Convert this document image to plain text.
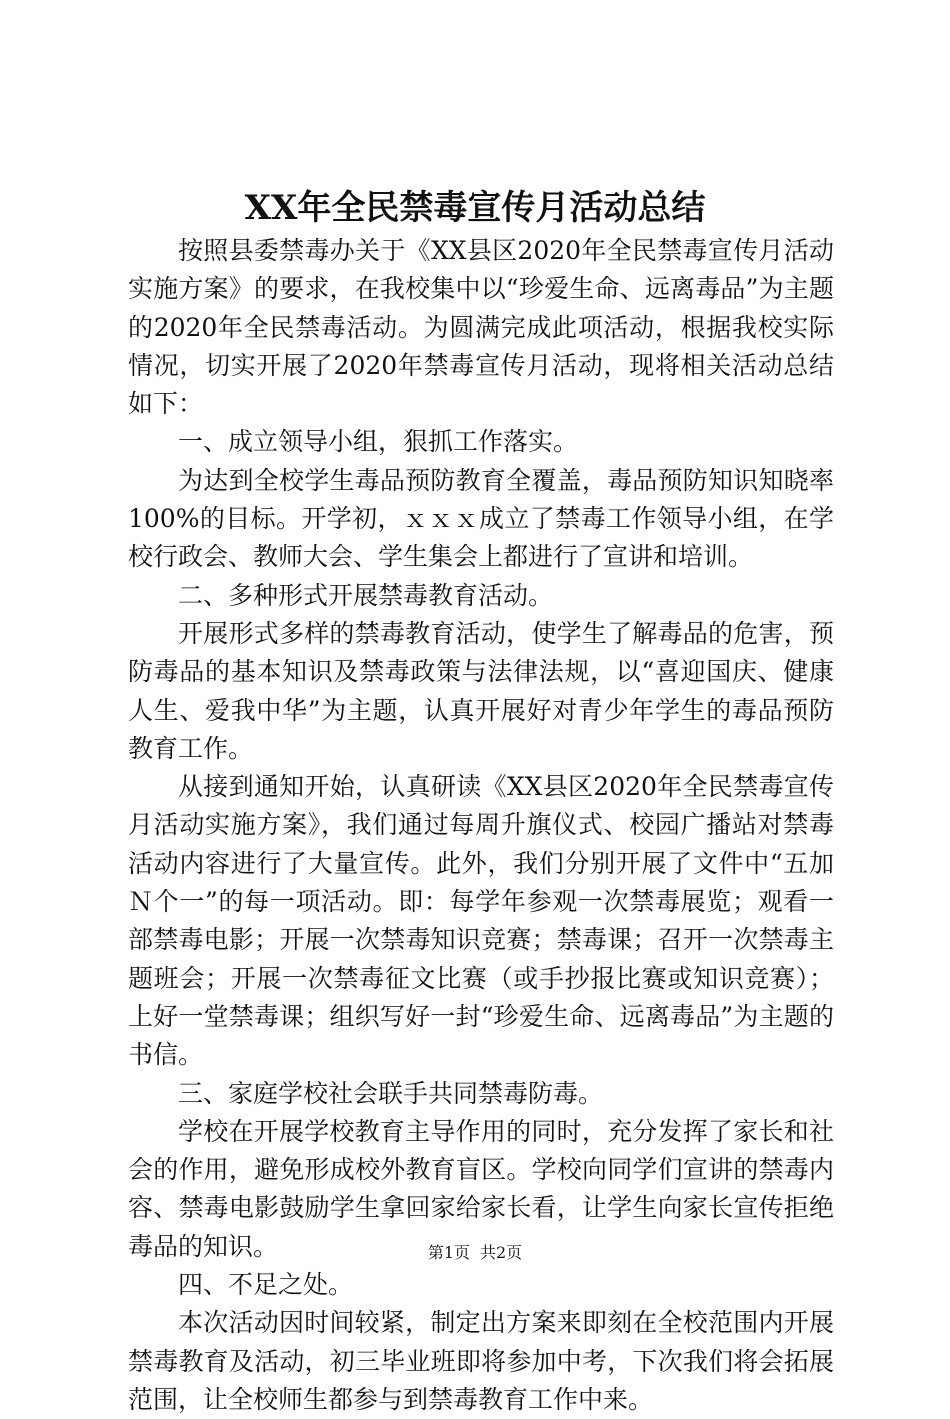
XX年全民禁毒宣传月活动总结

按照县委禁毒办关于《XX县区2020年全民禁毒宣传月活动实施方案》的要求，在我校集中以“珍爱生命、远离毒品”为主题的2020年全民禁毒活动。为圆满完成此项活动，根据我校实际情况，切实开展了2020年禁毒宣传月活动，现将相关活动总结如下：

一、成立领导小组，狠抓工作落实。

为达到全校学生毒品预防教育全覆盖，毒品预防知识知晓率100%的目标。开学初，ｘｘｘ成立了禁毒工作领导小组，在学校行政会、教师大会、学生集会上都进行了宣讲和培训。

二、多种形式开展禁毒教育活动。

开展形式多样的禁毒教育活动，使学生了解毒品的危害，预防毒品的基本知识及禁毒政策与法律法规，以“喜迎国庆、健康人生、爱我中华”为主题，认真开展好对青少年学生的毒品预防教育工作。

从接到通知开始，认真研读《XX县区2020年全民禁毒宣传月活动实施方案》，我们通过每周升旗仪式、校园广播站对禁毒活动内容进行了大量宣传。此外，我们分别开展了文件中“五加Ｎ个一”的每一项活动。即：每学年参观一次禁毒展览；观看一部禁毒电影；开展一次禁毒知识竞赛；禁毒课；召开一次禁毒主题班会；开展一次禁毒征文比赛（或手抄报比赛或知识竞赛）；上好一堂禁毒课；组织写好一封“珍爱生命、远离毒品”为主题的书信。

三、家庭学校社会联手共同禁毒防毒。

学校在开展学校教育主导作用的同时，充分发挥了家长和社会的作用，避免形成校外教育盲区。学校向同学们宣讲的禁毒内容、禁毒电影鼓励学生拿回家给家长看，让学生向家长宣传拒绝毒品的知识。

四、不足之处。

本次活动因时间较紧，制定出方案来即刻在全校范围内开展禁毒教育及活动，初三毕业班即将参加中考，下次我们将会拓展范围，让全校师生都参与到禁毒教育工作中来。

第1页 共2页
